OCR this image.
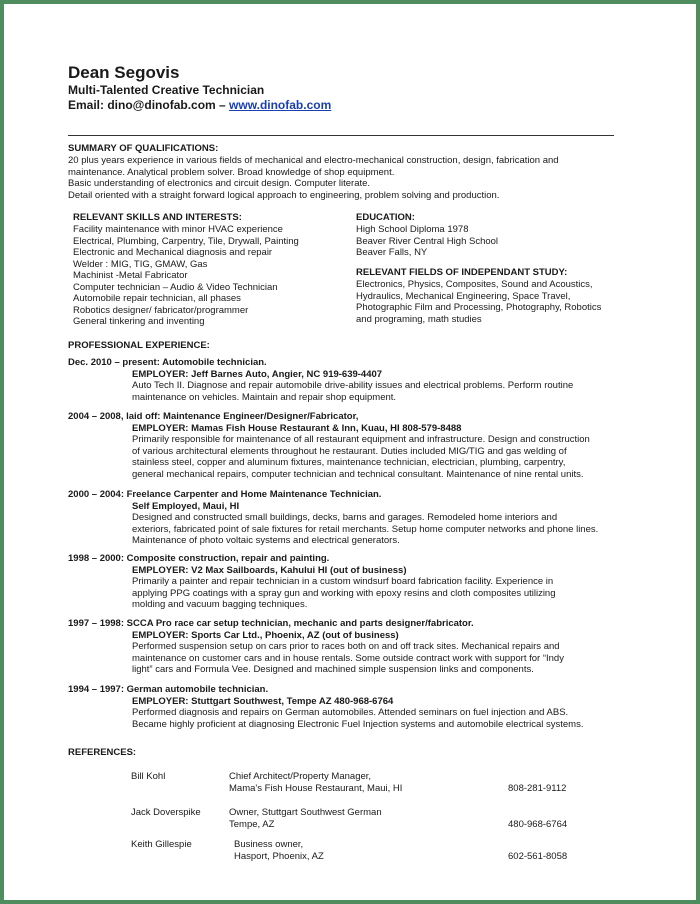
Dean Segovis
Multi-Talented Creative Technician
Email: dino@dinofab.com – www.dinofab.com
SUMMARY OF QUALIFICATIONS:
20 plus years experience in various fields of mechanical and electro-mechanical construction, design, fabrication and
maintenance. Analytical problem solver. Broad knowledge of shop equipment.
Basic understanding of electronics and circuit design. Computer literate.
Detail oriented with a straight forward logical approach to engineering, problem solving and production.
RELEVANT SKILLS AND INTERESTS:
Facility maintenance with minor HVAC experience
Electrical, Plumbing, Carpentry, Tile, Drywall, Painting
Electronic and Mechanical diagnosis and repair
Welder : MIG, TIG, GMAW, Gas
Machinist -Metal Fabricator
Computer technician – Audio & Video Technician
Automobile repair technician, all phases
Robotics designer/ fabricator/programmer
General tinkering and inventing
EDUCATION:
High School Diploma 1978
Beaver River Central High School
Beaver Falls, NY
RELEVANT FIELDS OF INDEPENDANT STUDY:
Electronics, Physics, Composites, Sound and Acoustics,
Hydraulics, Mechanical Engineering, Space Travel,
Photographic Film and Processing, Photography, Robotics
and programing, math studies
PROFESSIONAL EXPERIENCE:
Dec. 2010 – present: Automobile technician.
EMPLOYER: Jeff Barnes Auto, Angier, NC 919-639-4407
Auto Tech II. Diagnose and repair automobile drive-ability issues and electrical problems. Perform routine
maintenance on vehicles. Maintain and repair shop equipment.
2004 – 2008, laid off: Maintenance Engineer/Designer/Fabricator,
EMPLOYER: Mamas Fish House Restaurant & Inn, Kuau, HI 808-579-8488
Primarily responsible for maintenance of all restaurant equipment and infrastructure. Design and construction
of various architectural elements throughout he restaurant. Duties included MIG/TIG and gas welding of
stainless steel, copper and aluminum fixtures, maintenance technician, electrician, plumbing, carpentry,
general mechanical repairs, computer technician and technical consultant. Maintenance of nine rental units.
2000 – 2004: Freelance Carpenter and Home Maintenance Technician.
Self Employed, Maui, HI
Designed and constructed small buildings, decks, barns and garages. Remodeled home interiors and
exteriors, fabricated point of sale fixtures for retail merchants. Setup home computer networks and phone lines.
Maintenance of photo voltaic systems and electrical generators.
1998 – 2000: Composite construction, repair and painting.
EMPLOYER: V2 Max Sailboards, Kahului HI (out of business)
Primarily a painter and repair technician in a custom windsurf board fabrication facility. Experience in
applying PPG coatings with a spray gun and working with epoxy resins and cloth composites utilizing
molding and vacuum bagging techniques.
1997 – 1998: SCCA Pro race car setup technician, mechanic and parts designer/fabricator.
EMPLOYER: Sports Car Ltd., Phoenix, AZ (out of business)
Performed suspension setup on cars prior to races both on and off track sites. Mechanical repairs and
maintenance on customer cars and in house rentals. Some outside contract work with support for “Indy
light” cars and Formula Vee. Designed and machined simple suspension links and components.
1994 – 1997: German automobile technician.
EMPLOYER: Stuttgart Southwest, Tempe AZ 480-968-6764
Performed diagnosis and repairs on German automobiles. Attended seminars on fuel injection and ABS.
Became highly proficient at diagnosing Electronic Fuel Injection systems and automobile electrical systems.
REFERENCES:
Bill Kohl	Chief Architect/Property Manager,
Mama's Fish House Restaurant, Maui, HI	808-281-9112
Jack Doverspike	Owner, Stuttgart Southwest German
Tempe, AZ	480-968-6764
Keith Gillespie	Business owner,
Hasport, Phoenix, AZ	602-561-8058
